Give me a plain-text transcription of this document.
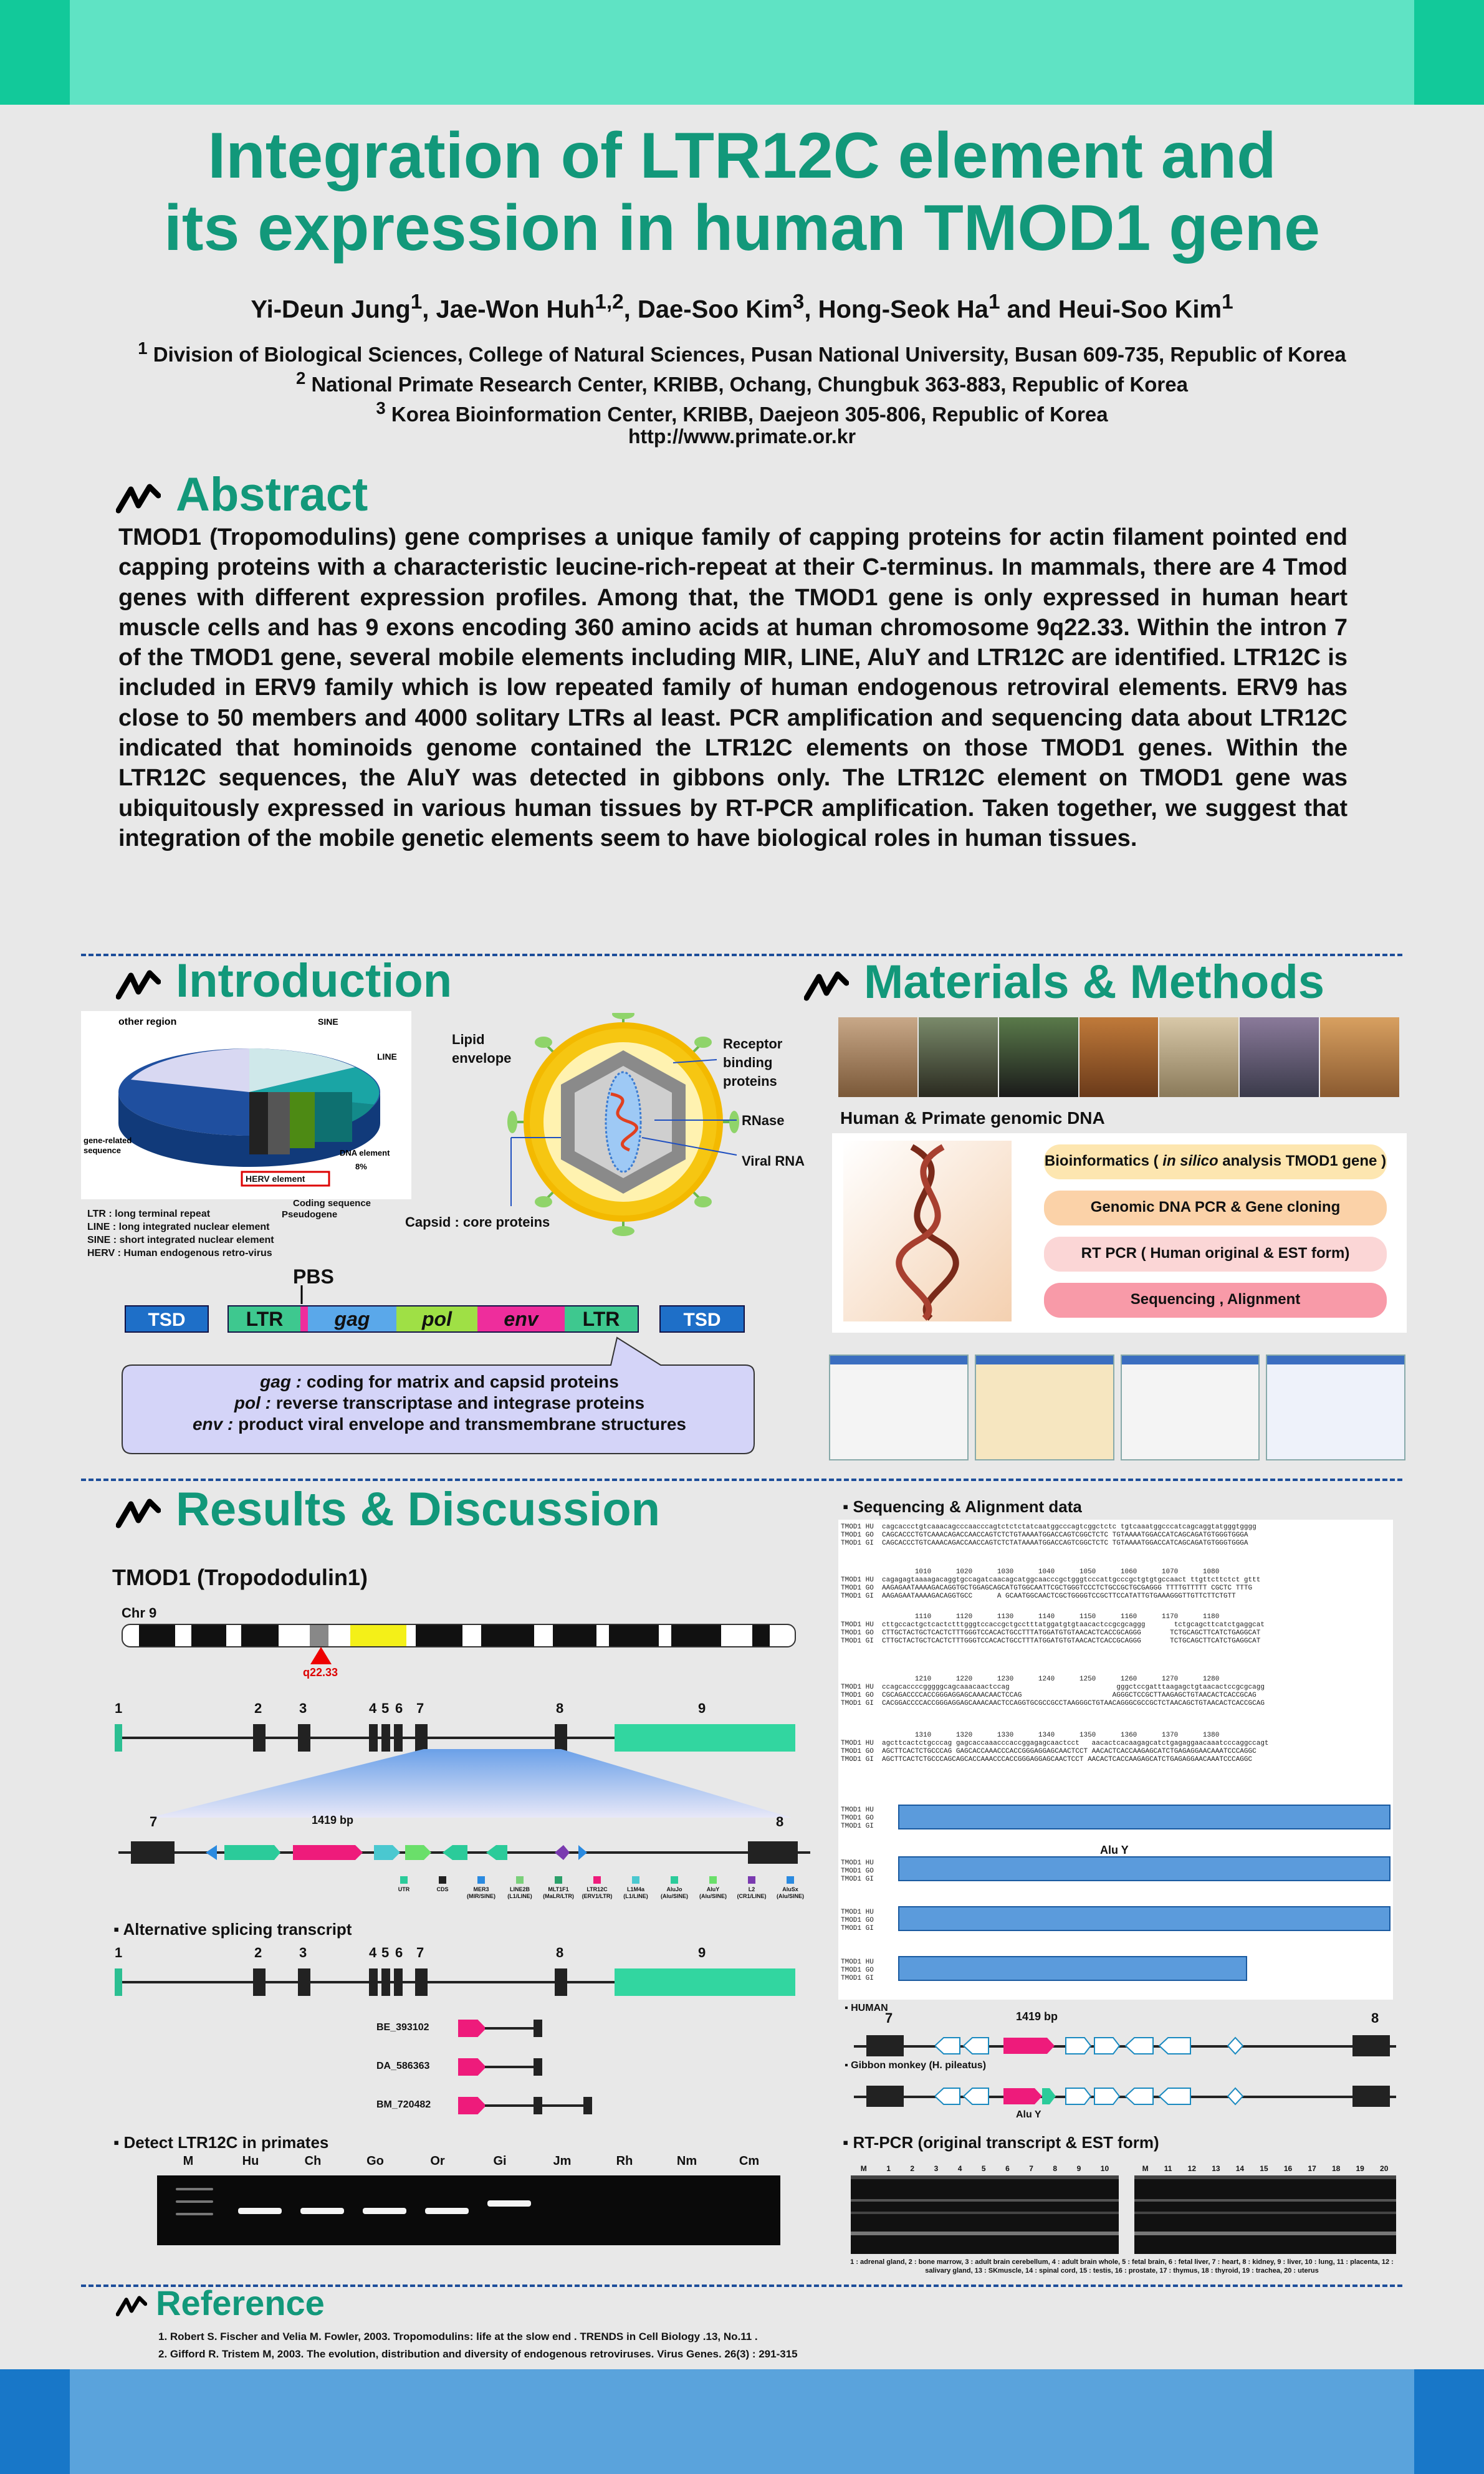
Integration of LTR12C element and
its expression in human TMOD1 gene
Yi-Deun Jung$^1$, Jae-Won Huh$^{1,2}$, Dae-Soo Kim$^3$, Hong-Seok Ha$^1$ and Heui-Soo Kim$^1$
$^1$ Division of Biological Sciences, College of Natural Sciences, Pusan National University, Busan 609-735, Republic of Korea
$^2$ National Primate Research Center, KRIBB, Ochang, Chungbuk 363-883, Republic of Korea
$^3$ Korea Bioinformation Center, KRIBB, Daejeon 305-806, Republic of Korea
http://www.primate.or.kr
Abstract
TMOD1 (Tropomodulins) gene comprises a unique family of capping proteins for actin filament pointed end capping proteins with a characteristic leucine-rich-repeat at their C-terminus. In mammals, there are 4 Tmod genes with different expression profiles. Among that, the TMOD1 gene is only expressed in human heart muscle cells and has 9 exons encoding 360 amino acids at human chromosome 9q22.33. Within the intron 7 of the TMOD1 gene, several mobile elements including MIR, LINE, AluY and LTR12C are identified. LTR12C is included in ERV9 family which is low repeated family of human endogenous retroviral elements. ERV9 has close to 50 members and 4000 solitary LTRs al least. PCR amplification and sequencing data about LTR12C indicated that hominoids genome contained the LTR12C elements on those TMOD1 genes. Within the LTR12C sequences, the AluY was detected in gibbons only. The LTR12C element on TMOD1 gene was ubiquitously expressed in various human tissues by RT-PCR amplification. Taken together, we suggest that integration of the mobile genetic elements seem to have biological roles in human tissues.
Introduction
other region	SINE
LINE
gene-related
sequence
HERV element
8%
DNA element
Coding sequence
Pseudogene
LTR : long terminal repeat
LINE : long integrated nuclear element
SINE : short integrated nuclear element
HERV : Human endogenous retro-virus
Lipid envelope
Receptor binding proteins
RNase
Viral RNA
Capsid : core proteins
PBS
TSD	LTR	gag	pol	env	LTR	TSD
gag : coding for matrix and capsid proteins
pol : reverse transcriptase and integrase proteins
env : product viral envelope and transmembrane structures
Materials & Methods
Human & Primate genomic DNA
Bioinformatics ( in silico analysis TMOD1 gene )
Genomic DNA PCR & Gene cloning
RT PCR ( Human original & EST form)
Sequencing , Alignment
Results & Discussion
TMOD1 (Tropododulin1)
Chr 9
q22.33
1	2	3	4 5 6 7	8	9
7	8
1419 bp
UTR	CDS	MER3 (MIR/SINE)
LINE2B (L1/LINE)
MLT1F1 (MaLR/LTR)
LTR12C (ERV1/LTR)
L1M4a (L1/LINE)
AluJo (Alu/SINE)
AluY (Alu/SINE)
L2 (CR1/LINE)
AluSx (Alu/SINE)
▪ Alternative splicing transcript
1	2	3	4 5 6 7	8	9
BE_393102
DA_586363
BM_720482
▪ Detect LTR12C in primates
M	Hu	Ch	Go	Or	Gi	Jm	Rh	Nm	Cm
▪ Sequencing & Alignment data
TMOD1 HU  cagcaccctgtcaaacagcccaacccagtctctctatcaatggcccagtcggctctc tgtcaaatggcccatcagcaggtatgggtgggg
TMOD1 GO  CAGCACCCTGTCAAACAGACCAACCAGTCTCTGTAAAATGGACCAGTCGGCTCTC TGTAAAATGGACCATCAGCAGATGTGGGTGGGA
TMOD1 GI  CAGCACCCTGTCAAACAGACCAACCAGTCTCTATAAAATGGACCAGTCGGCTCTC TGTAAAATGGACCATCAGCAGATGTGGGTGGGA
1010      1020      1030      1040      1050      1060      1070      1080
TMOD1 HU  cagagagtaaaagacaggtgccagatcaacagcatggcaacccgctgggtcccattgcccgctgtgtgccaact ttgttcttctct gttt
TMOD1 GO  AAGAGAATAAAAGACAGGTGCTGGAGCAGCATGTGGCAATTCGCTGGGTCCCTCTGCCGCTGCGAGGG TTTTGTTTTT CGCTC TTTG
TMOD1 GI  AAGAGAATAAAAGACAGGTGCC      A GCAATGGCAACTCGCTGGGGTCCGCTTCCATATTGTGAAAGGGTTGTTCTTCTGTT
1110      1120      1130      1140      1150      1160      1170      1180
TMOD1 HU  cttgccactgctcactctttgggtccaccgctgcctttatggatgtgtaacactccgcgcaggg       tctgcagcttcatctgaggcat
TMOD1 GO  CTTGCTACTGCTCACTCTTTGGGTCCACACTGCCTTTATGGATGTGTAACACTCACCGCAGGG       TCTGCAGCTTCATCTGAGGCAT
TMOD1 GI  CTTGCTACTGCTCACTCTTTGGGTCCACACTGCCTTTATGGATGTGTAACACTCACCGCAGGG       TCTGCAGCTTCATCTGAGGCAT
1210      1220      1230      1240      1250      1260      1270      1280
TMOD1 HU  ccagcaccccgggggcagcaaacaactccag                          gggctccgatttaagagctgtaacactccgcgcagg
TMOD1 GO  CGCAGACCCCACCGGGAGGAGCAAACAACTCCAG                      AGGGCTCCGCTTAAGAGCTGTAACACTCACCGCAG
TMOD1 GI  CACGGACCCCACCGGGAGGAGCAAACAACTCCAGGTGCGCCGCCTAAGGGCTGTAACAGGGCGCCGCTCTAACAGCTGTAACACTCACCGCAG
1310      1320      1330      1340      1350      1360      1370      1380
TMOD1 HU  agcttcactctgcccag gagcaccaaacccaccggagagcaactcct   aacactcacaagagcatctgagaggaacaaatcccaggccagt
TMOD1 GO  AGCTTCACTCTGCCCAG GAGCACCAAACCCACCGGGAGGAGCAACTCCT AACACTCACCAAGAGCATCTGAGAGGAACAAATCCCAGGC
TMOD1 GI  AGCTTCACTCTGCCCAGCAGCACCAAACCCACCGGGAGGAGCAACTCCT AACACTCACCAAGAGCATCTGAGAGGAACAAATCCCAGGC
Alu Y
TMOD1 HU
TMOD1 GO
TMOD1 GI
TMOD1 HU
TMOD1 GO
TMOD1 GI
TMOD1 HU
TMOD1 GO
TMOD1 GI
TMOD1 HU
TMOD1 GO
TMOD1 GI
▪ HUMAN
7	8
1419 bp
▪ Gibbon monkey (H. pileatus)
Alu Y
▪ RT-PCR (original transcript & EST form)
M	1	2	3	4	5	6	7	8	9	10	M 11 12 13 14 15 16 17 18 19 20
1 : adrenal gland, 2 : bone marrow, 3 : adult brain cerebellum, 4 : adult brain whole, 5 : fetal brain, 6 : fetal liver, 7 : heart, 8 : kidney, 9 : liver, 10 : lung, 11 : placenta, 12 : salivary gland, 13 : SKmuscle, 14 : spinal cord, 15 : testis, 16 : prostate, 17 : thymus, 18 : thyroid, 19 : trachea, 20 : uterus
Reference
1. Robert S. Fischer and Velia M. Fowler, 2003. Tropomodulins: life at the slow end . TRENDS in Cell Biology .13, No.11 .
2. Gifford R. Tristem M, 2003. The evolution, distribution and diversity of endogenous retroviruses. Virus Genes. 26(3) : 291-315
